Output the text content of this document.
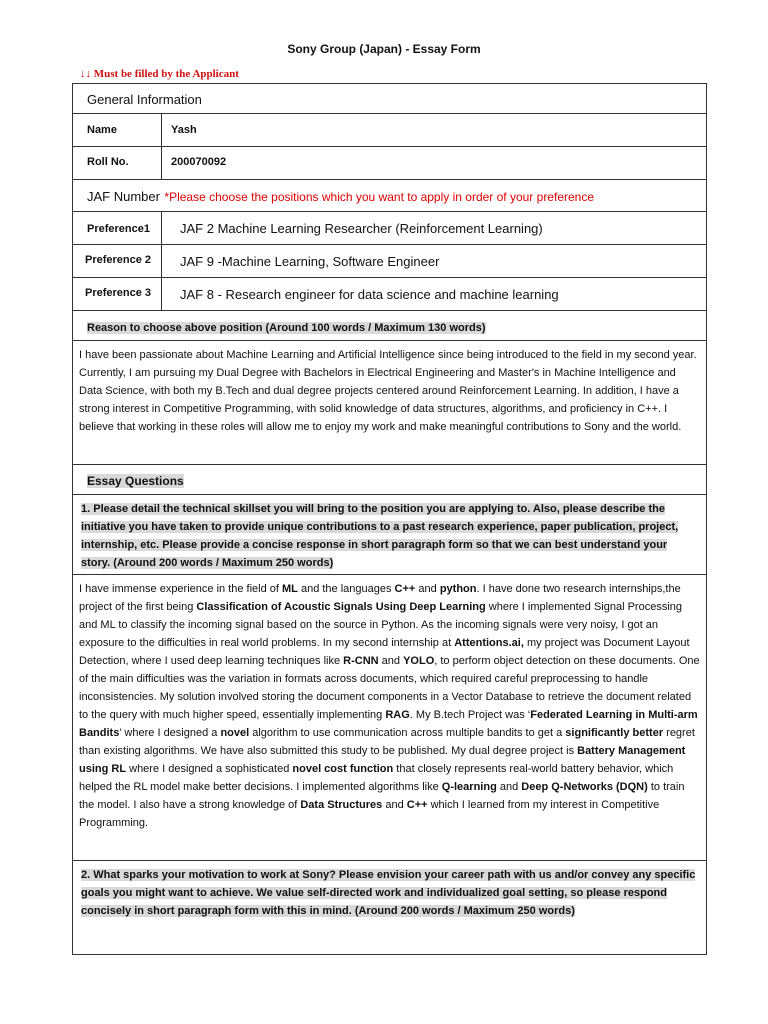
Sony Group (Japan) - Essay Form
↓↓ Must be filled by the Applicant
General Information
Name	Yash
Roll No.	200070092
JAF Number *Please choose the positions which you want to apply in order of your preference
Preference1 JAF 2 Machine Learning Researcher (Reinforcement Learning)
Preference 2 JAF 9 -Machine Learning, Software Engineer
Preference 3 JAF 8 - Research engineer for data science and machine learning
Reason to choose above position (Around 100 words / Maximum 130 words)
I have been passionate about Machine Learning and Artificial Intelligence since being introduced to the field in my second year. Currently, I am pursuing my Dual Degree with Bachelors in Electrical Engineering and Master's in Machine Intelligence and Data Science, with both my B.Tech and dual degree projects centered around Reinforcement Learning. In addition, I have a strong interest in Competitive Programming, with solid knowledge of data structures, algorithms, and proficiency in C++. I believe that working in these roles will allow me to enjoy my work and make meaningful contributions to Sony and the world.
Essay Questions
1. Please detail the technical skillset you will bring to the position you are applying to. Also, please describe the initiative you have taken to provide unique contributions to a past research experience, paper publication, project, internship, etc. Please provide a concise response in short paragraph form so that we can best understand your story. (Around 200 words / Maximum 250 words)
I have immense experience in the field of ML and the languages C++ and python. I have done two research internships,the project of the first being Classification of Acoustic Signals Using Deep Learning where I implemented Signal Processing and ML to classify the incoming signal based on the source in Python. As the incoming signals were very noisy, I got an exposure to the difficulties in real world problems. In my second internship at Attentions.ai, my project was Document Layout Detection, where I used deep learning techniques like R-CNN and YOLO, to perform object detection on these documents. One of the main difficulties was the variation in formats across documents, which required careful preprocessing to handle inconsistencies. My solution involved storing the document components in a Vector Database to retrieve the document related to the query with much higher speed, essentially implementing RAG. My B.tech Project was ‘Federated Learning in Multi-arm Bandits’ where I designed a novel algorithm to use communication across multiple bandits to get a significantly better regret than existing algorithms. We have also submitted this study to be published. My dual degree project is Battery Management using RL where I designed a sophisticated novel cost function that closely represents real-world battery behavior, which helped the RL model make better decisions. I implemented algorithms like Q-learning and Deep Q-Networks (DQN) to train the model. I also have a strong knowledge of Data Structures and C++ which I learned from my interest in Competitive Programming.
2. What sparks your motivation to work at Sony? Please envision your career path with us and/or convey any specific goals you might want to achieve. We value self-directed work and individualized goal setting, so please respond concisely in short paragraph form with this in mind. (Around 200 words / Maximum 250 words)
